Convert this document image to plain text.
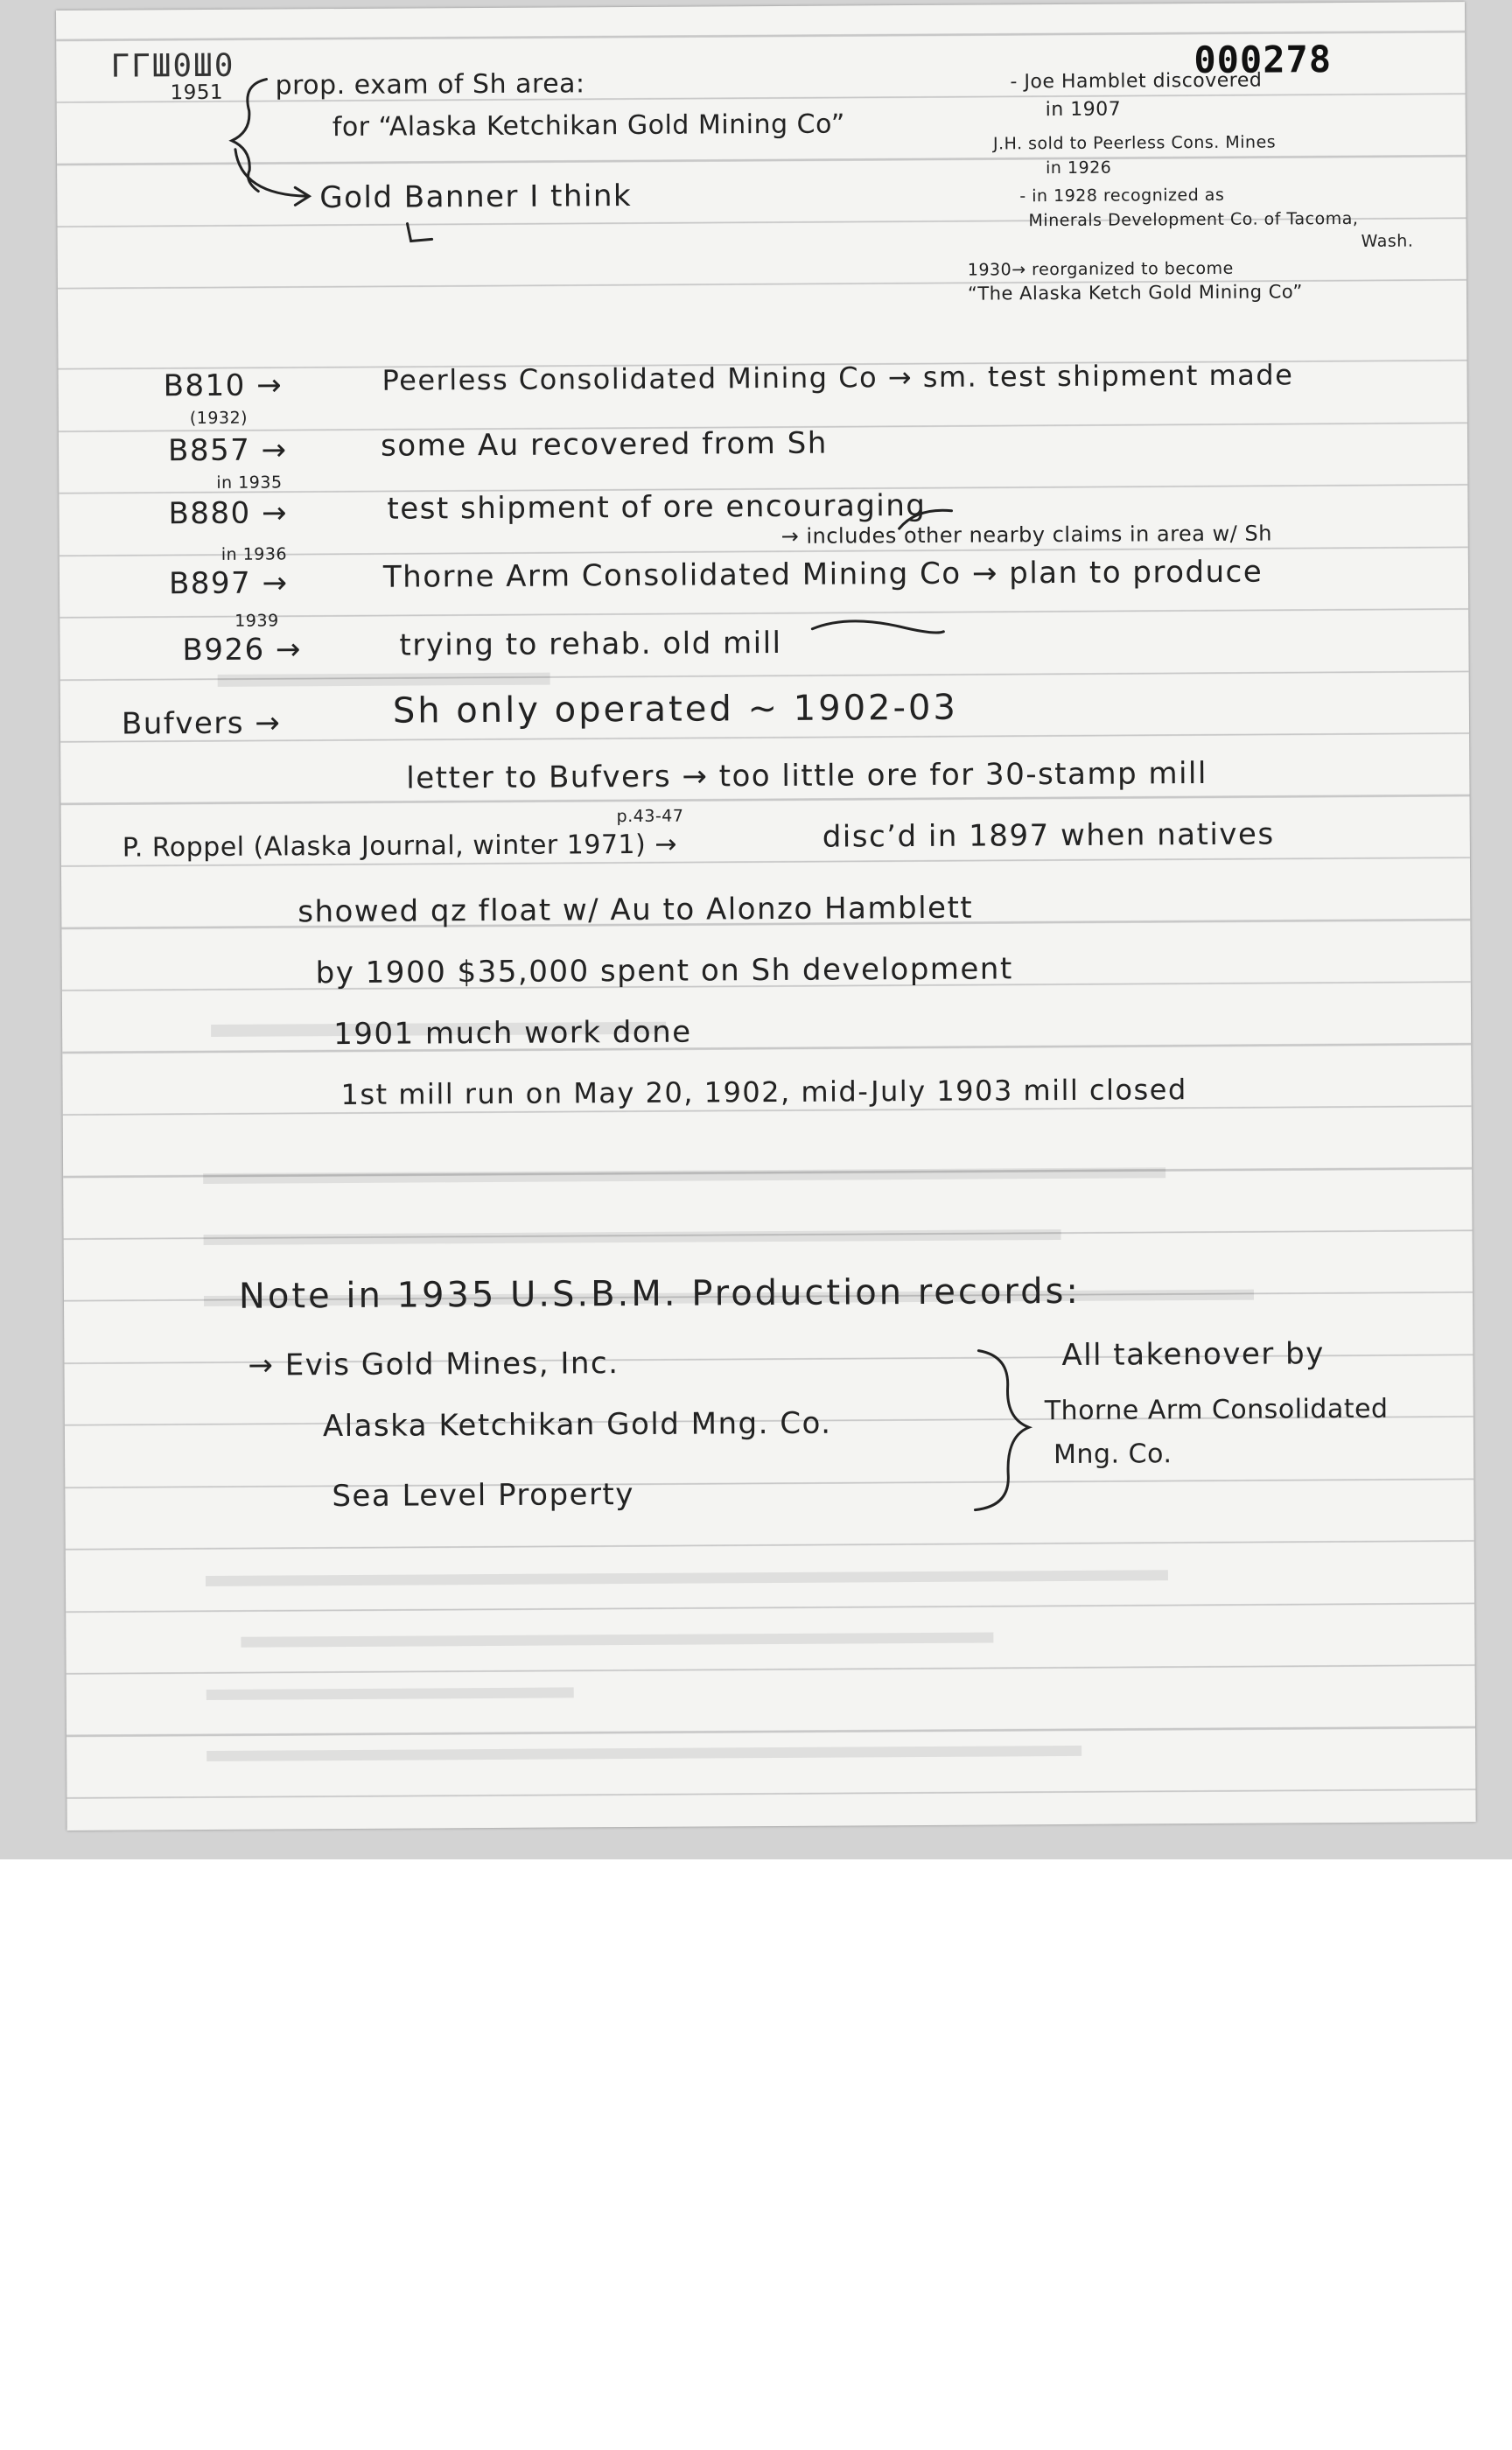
ΓΓШ0Ш0	000278
1951 prop. exam of Sh area:
for “Alaska Ketchikan Gold Mining Co”
Gold Banner I think
- Joe Hamblet discovered
in 1907
J.H. sold to Peerless Cons. Mines
in 1926
- in 1928 recognized as
Minerals Development Co. of Tacoma,
Wash.
1930→ reorganized to become
“The Alaska Ketch Gold Mining Co”
B810 →	Peerless Consolidated Mining Co → sm. test shipment made
(1932)
B857 →	some Au recovered from Sh
in 1935
B880 →	test shipment of ore encouraging
→ includes other nearby claims in area w/ Sh
in 1936
B897 →	Thorne Arm Consolidated Mining Co → plan to produce
1939
B926 →	trying to rehab. old mill
Bufvers →	Sh only operated ~ 1902-03
letter to Bufvers → too little ore for 30-stamp mill
p.43-47
P. Roppel (Alaska Journal, winter 1971) →	disc’d in 1897 when natives
showed qz float w/ Au to Alonzo Hamblett
by 1900 $35,000 spent on Sh development
1901 much work done
1st mill run on May 20, 1902, mid-July 1903 mill closed
Note in 1935 U.S.B.M. Production records:
→ Evis Gold Mines, Inc.
Alaska Ketchikan Gold Mng. Co.
Sea Level Property
All takenover by
Thorne Arm Consolidated
Mng. Co.
